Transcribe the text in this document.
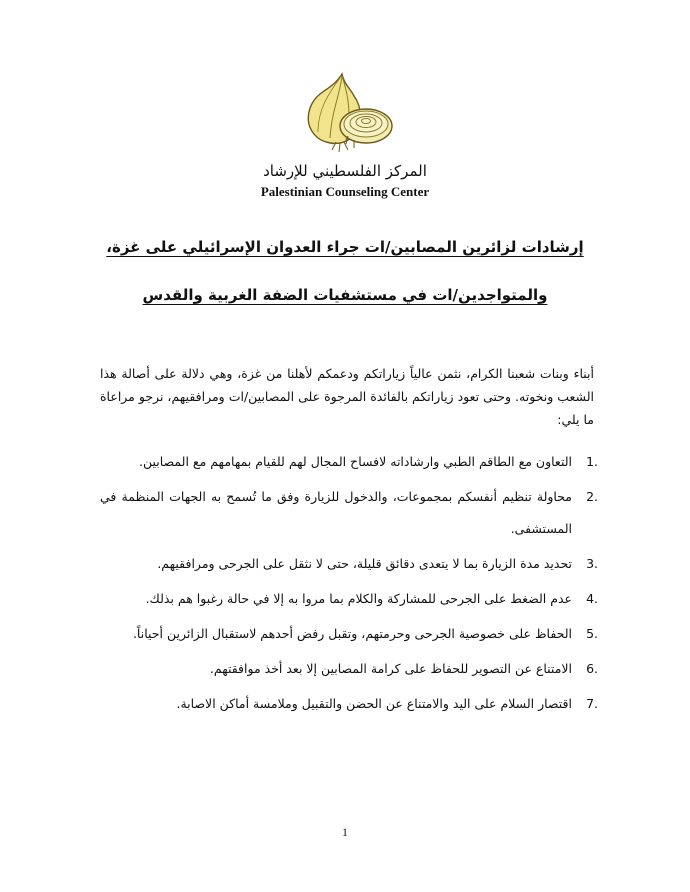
المركز الفلسطيني للإرشاد
Palestinian Counseling Center
إرشادات لزائرين المصابين/ات جراء العدوان الإسرائيلي على غزة،
والمتواجدين/ات في مستشفيات الضفة الغربية والقدس

أبناء وبنات شعبنا الكرام، نثمن عالياً زياراتكم ودعمكم لأهلنا من غزة، وهي دلالة على أصالة هذا الشعب ونخوته. وحتى تعود زياراتكم بالفائدة المرجوة على المصابين/ات ومرافقيهم، نرجو مراعاة ما يلي:

1.
التعاون مع الطاقم الطبي وارشاداته لافساح المجال لهم للقيام بمهامهم مع المصابين.
2.
محاولة تنظيم أنفسكم بمجموعات، والدخول للزيارة وفق ما تُسمح به الجهات المنظمة في المستشفى.
3.
تحديد مدة الزيارة بما لا يتعدى دقائق قليلة، حتى لا نثقل على الجرحى ومرافقيهم.
4.
عدم الضغط على الجرحى للمشاركة والكلام بما مروا به إلا في حالة رغبوا هم بذلك.
5.
الحفاظ على خصوصية الجرحى وحرمتهم، وتقبل رفض أحدهم لاستقبال الزائرين أحياناً.
6.
الامتناع عن التصوير للحفاظ على كرامة المصابين إلا بعد أخذ موافقتهم.
7.
اقتصار السلام على اليد والامتناع عن الحضن والتقبيل وملامسة أماكن الاصابة.
1
